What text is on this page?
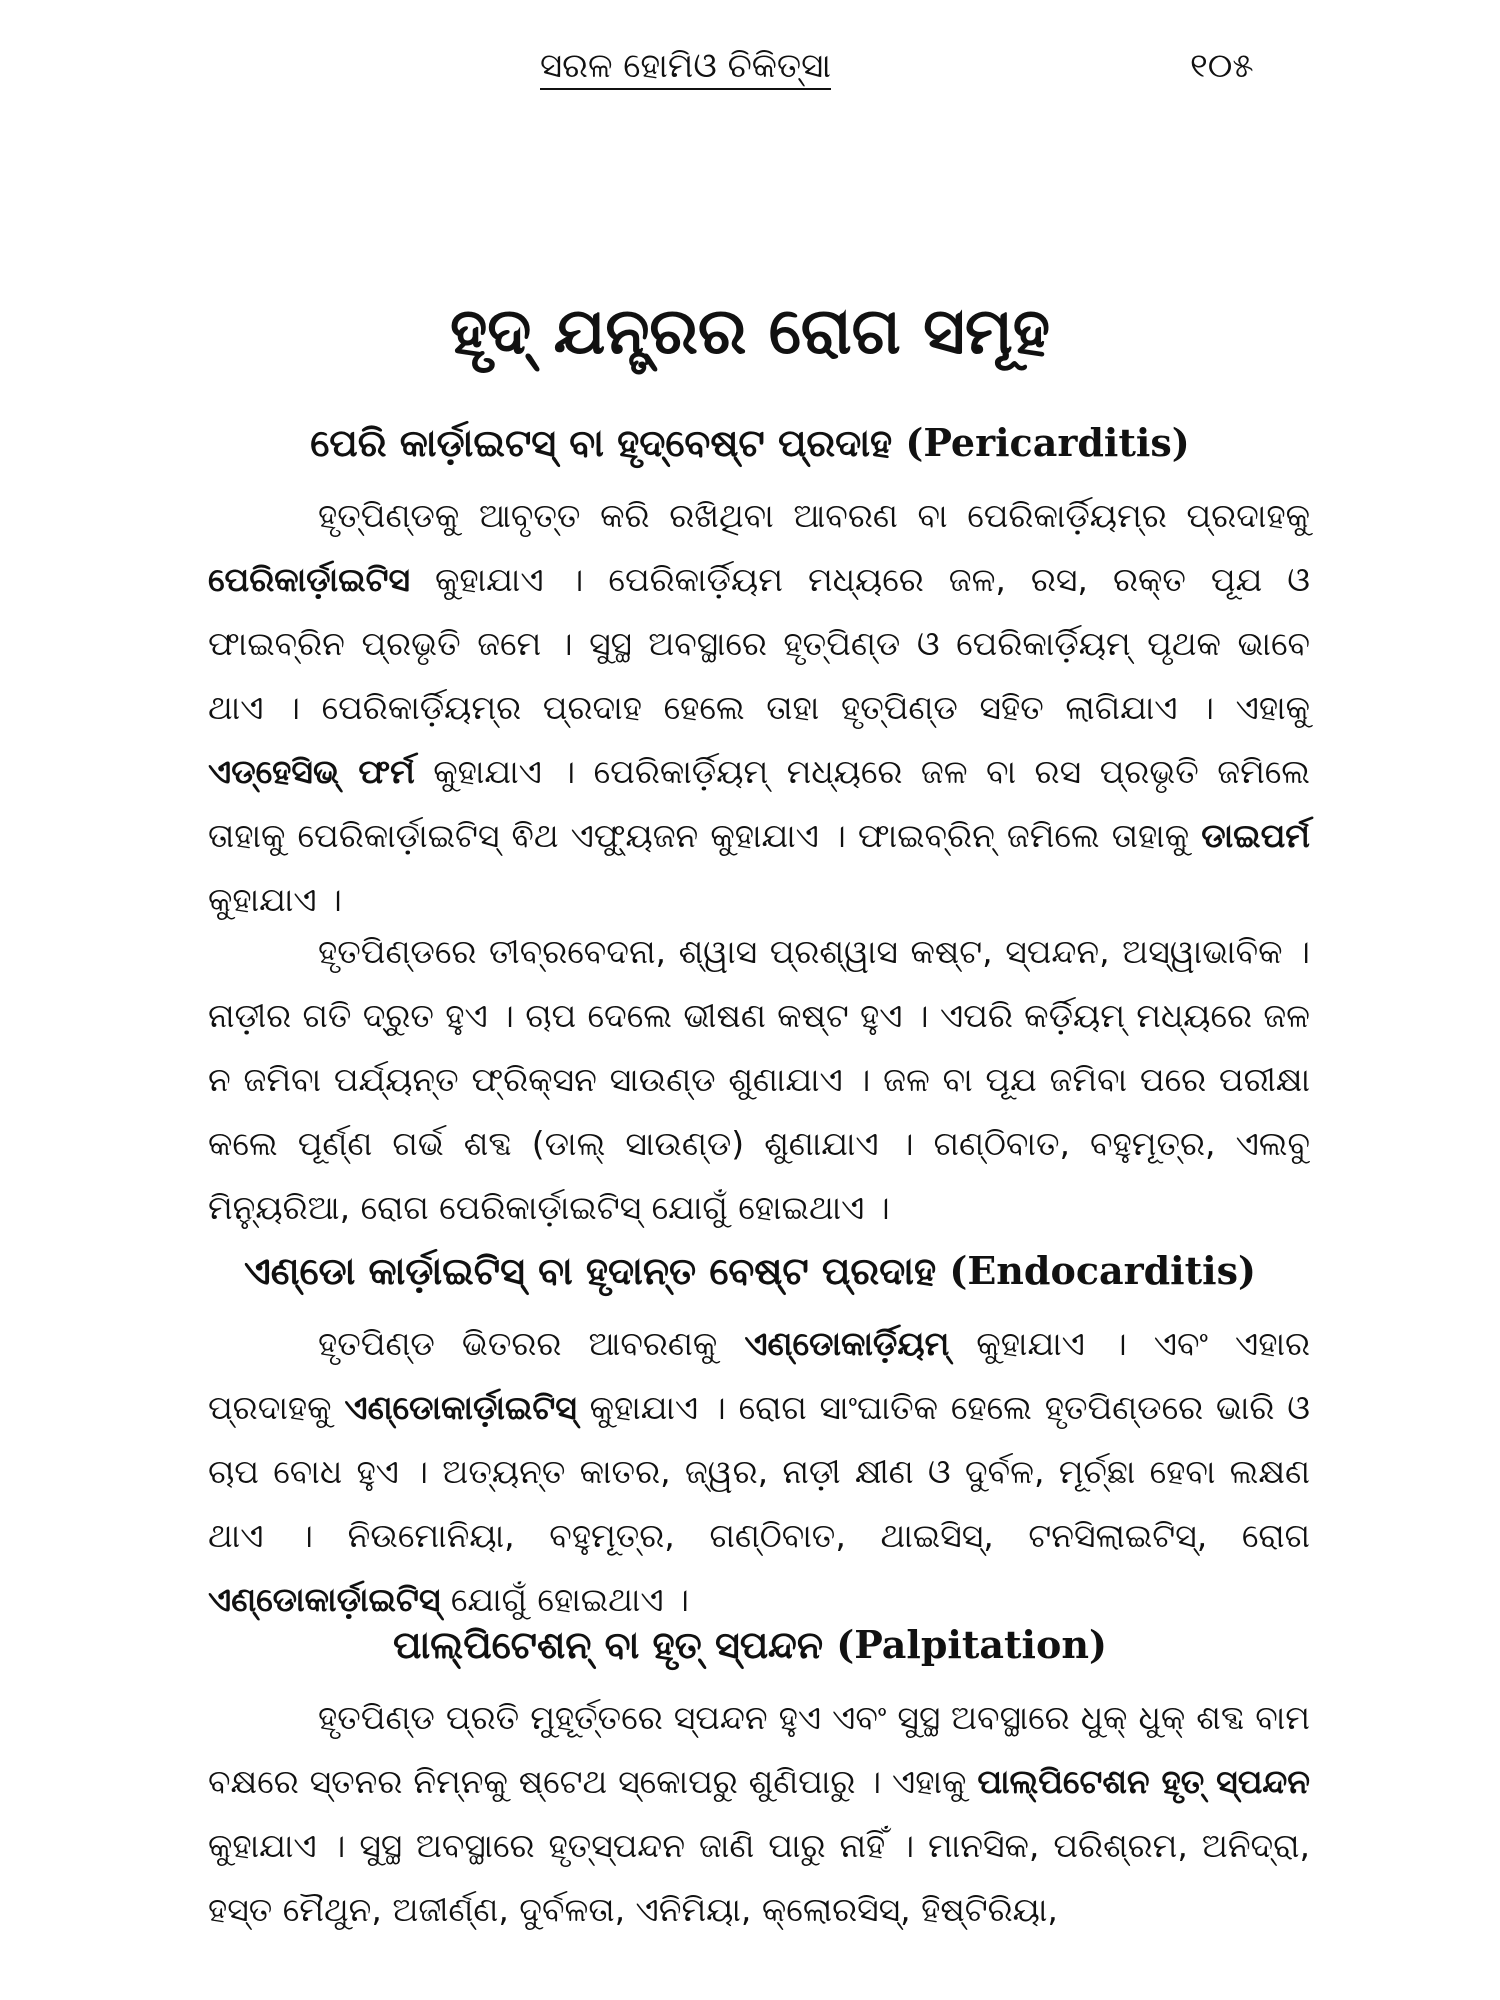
ସରଳ ହୋମିଓ ଚିକିତ୍ସା	୧୦୫
ହୃଦ୍ ଯନ୍ତ୍ରର ରୋଗ ସମୂହ
ପେରି କାର୍ଡ଼ାଇଟସ୍ ବା ହୃଦ୍‌ବେଷ୍ଟ ପ୍ରଦାହ (Pericarditis)

ହୃତ୍‌ପିଣ୍ଡକୁ ଆବୃତ୍ତ କରି ରଖିଥିବା ଆବରଣ ବା ପେରିକାର୍ଡ଼ିୟମ୍‌ର ପ୍ରଦାହକୁ ପେରିକାର୍ଡ଼ାଇଟିସ କୁହାଯାଏ । ପେରିକାର୍ଡ଼ିୟମ ମଧ୍ୟରେ ଜଳ, ରସ, ରକ୍ତ ପୂଯ ଓ ଫାଇବ୍ରିନ ପ୍ରଭୃତି ଜମେ । ସୁସ୍ଥ ଅବସ୍ଥାରେ ହୃତ୍‌ପିଣ୍ଡ ଓ ପେରିକାର୍ଡ଼ିୟମ୍ ପୃଥକ ଭାବେ ଥାଏ । ପେରିକାର୍ଡ଼ିୟମ୍‌ର ପ୍ରଦାହ ହେଲେ ତାହା ହୃତ୍‌ପିଣ୍ଡ ସହିତ ଲାଗିଯାଏ । ଏହାକୁ ଏଡ୍‌ହେସିଭ୍ ଫର୍ମ କୁହାଯାଏ । ପେରିକାର୍ଡ଼ିୟମ୍ ମଧ୍ୟରେ ଜଳ ବା ରସ ପ୍ରଭୃତି ଜମିଲେ ତାହାକୁ ପେରିକାର୍ଡ଼ାଇଟିସ୍ ଵିଥ ଏଫ୍ୟୁଜନ କୁହାଯାଏ । ଫାଇବ୍ରିନ୍ ଜମିଲେ ତାହାକୁ ଡାଇପର୍ମ କୁହାଯାଏ ।

ହୃତପିଣ୍ଡରେ ତୀବ୍ରବେଦନା, ଶ୍ୱାସ ପ୍ରଶ୍ୱାସ କଷ୍ଟ, ସ୍ପନ୍ଦନ, ଅସ୍ୱାଭାବିକ । ନାଡ଼ୀର ଗତି ଦ୍ରୁତ ହୁଏ । ଚାପ ଦେଲେ ଭୀଷଣ କଷ୍ଟ ହୁଏ । ଏପରି କର୍ଡ଼ିୟମ୍ ମଧ୍ୟରେ ଜଳ ନ ଜମିବା ପର୍ଯ୍ୟନ୍ତ ଫ୍ରିକ୍ସନ ସାଉଣ୍ଡ ଶୁଣାଯାଏ । ଜଳ ବା ପୂଯ ଜମିବା ପରେ ପରୀକ୍ଷା କଲେ ପୂର୍ଣ୍ଣ ଗର୍ଭ ଶବ୍ଦ (ଡାଲ୍ ସାଉଣ୍ଡ) ଶୁଣାଯାଏ । ଗଣ୍ଠିବାତ, ବହୁମୂତ୍ର, ଏଲବୁ ମିନ୍ୟୁରିଆ, ରୋଗ ପେରିକାର୍ଡ଼ାଇଟିସ୍ ଯୋଗୁଁ ହୋଇଥାଏ ।

ଏଣ୍ଡୋ କାର୍ଡ଼ାଇଟିସ୍ ବା ହୃଦାନ୍ତ ବେଷ୍ଟ ପ୍ରଦାହ (Endocarditis)

ହୃତପିଣ୍ଡ ଭିତରର ଆବରଣକୁ ଏଣ୍ଡୋକାର୍ଡ଼ିୟମ୍ କୁହାଯାଏ । ଏବଂ ଏହାର ପ୍ରଦାହକୁ ଏଣ୍ଡୋକାର୍ଡ଼ାଇଟିସ୍ କୁହାଯାଏ । ରୋଗ ସାଂଘାତିକ ହେଲେ ହୃତପିଣ୍ଡରେ ଭାରି ଓ ଚାପ ବୋଧ ହୁଏ । ଅତ୍ୟନ୍ତ କାତର, ଜ୍ୱର, ନାଡ଼ୀ କ୍ଷୀଣ ଓ ଦୁର୍ବଳ, ମୂର୍ଚ୍ଛା ହେବା ଲକ୍ଷଣ ଥାଏ । ନିଉମୋନିୟା, ବହୁମୂତ୍ର, ଗଣ୍ଠିବାତ, ଥାଇସିସ୍, ଟନସିଲାଇଟିସ୍, ରୋଗ ଏଣ୍ଡୋକାର୍ଡ଼ାଇଟିସ୍ ଯୋଗୁଁ ହୋଇଥାଏ ।

ପାଲ୍‌ପିଟେଶନ୍ ବା ହୃତ୍ ସ୍ପନ୍ଦନ (Palpitation)

ହୃତପିଣ୍ଡ ପ୍ରତି ମୁହୂର୍ତ୍ତରେ ସ୍ପନ୍ଦନ ହୁଏ ଏବଂ ସୁସ୍ଥ ଅବସ୍ଥାରେ ଧୁକ୍ ଧୁକ୍ ଶବ୍ଦ ବାମ ବକ୍ଷରେ ସ୍ତନର ନିମ୍ନକୁ ଷ୍ଟେଥ ସ୍କୋପରୁ ଶୁଣିପାରୁ । ଏହାକୁ ପାଲ୍‌ପିଟେଶନ ହୃତ୍ ସ୍ପନ୍ଦନ କୁହାଯାଏ । ସୁସ୍ଥ ଅବସ୍ଥାରେ ହୃତ୍‌ସ୍ପନ୍ଦନ ଜାଣି ପାରୁ ନାହିଁ । ମାନସିକ, ପରିଶ୍ରମ, ଅନିଦ୍ରା, ହସ୍ତ ମୈଥୁନ, ଅଜୀର୍ଣ୍ଣ, ଦୁର୍ବଳତା, ଏନିମିୟା, କ୍ଲୋରସିସ୍, ହିଷ୍ଟିରିୟା,
